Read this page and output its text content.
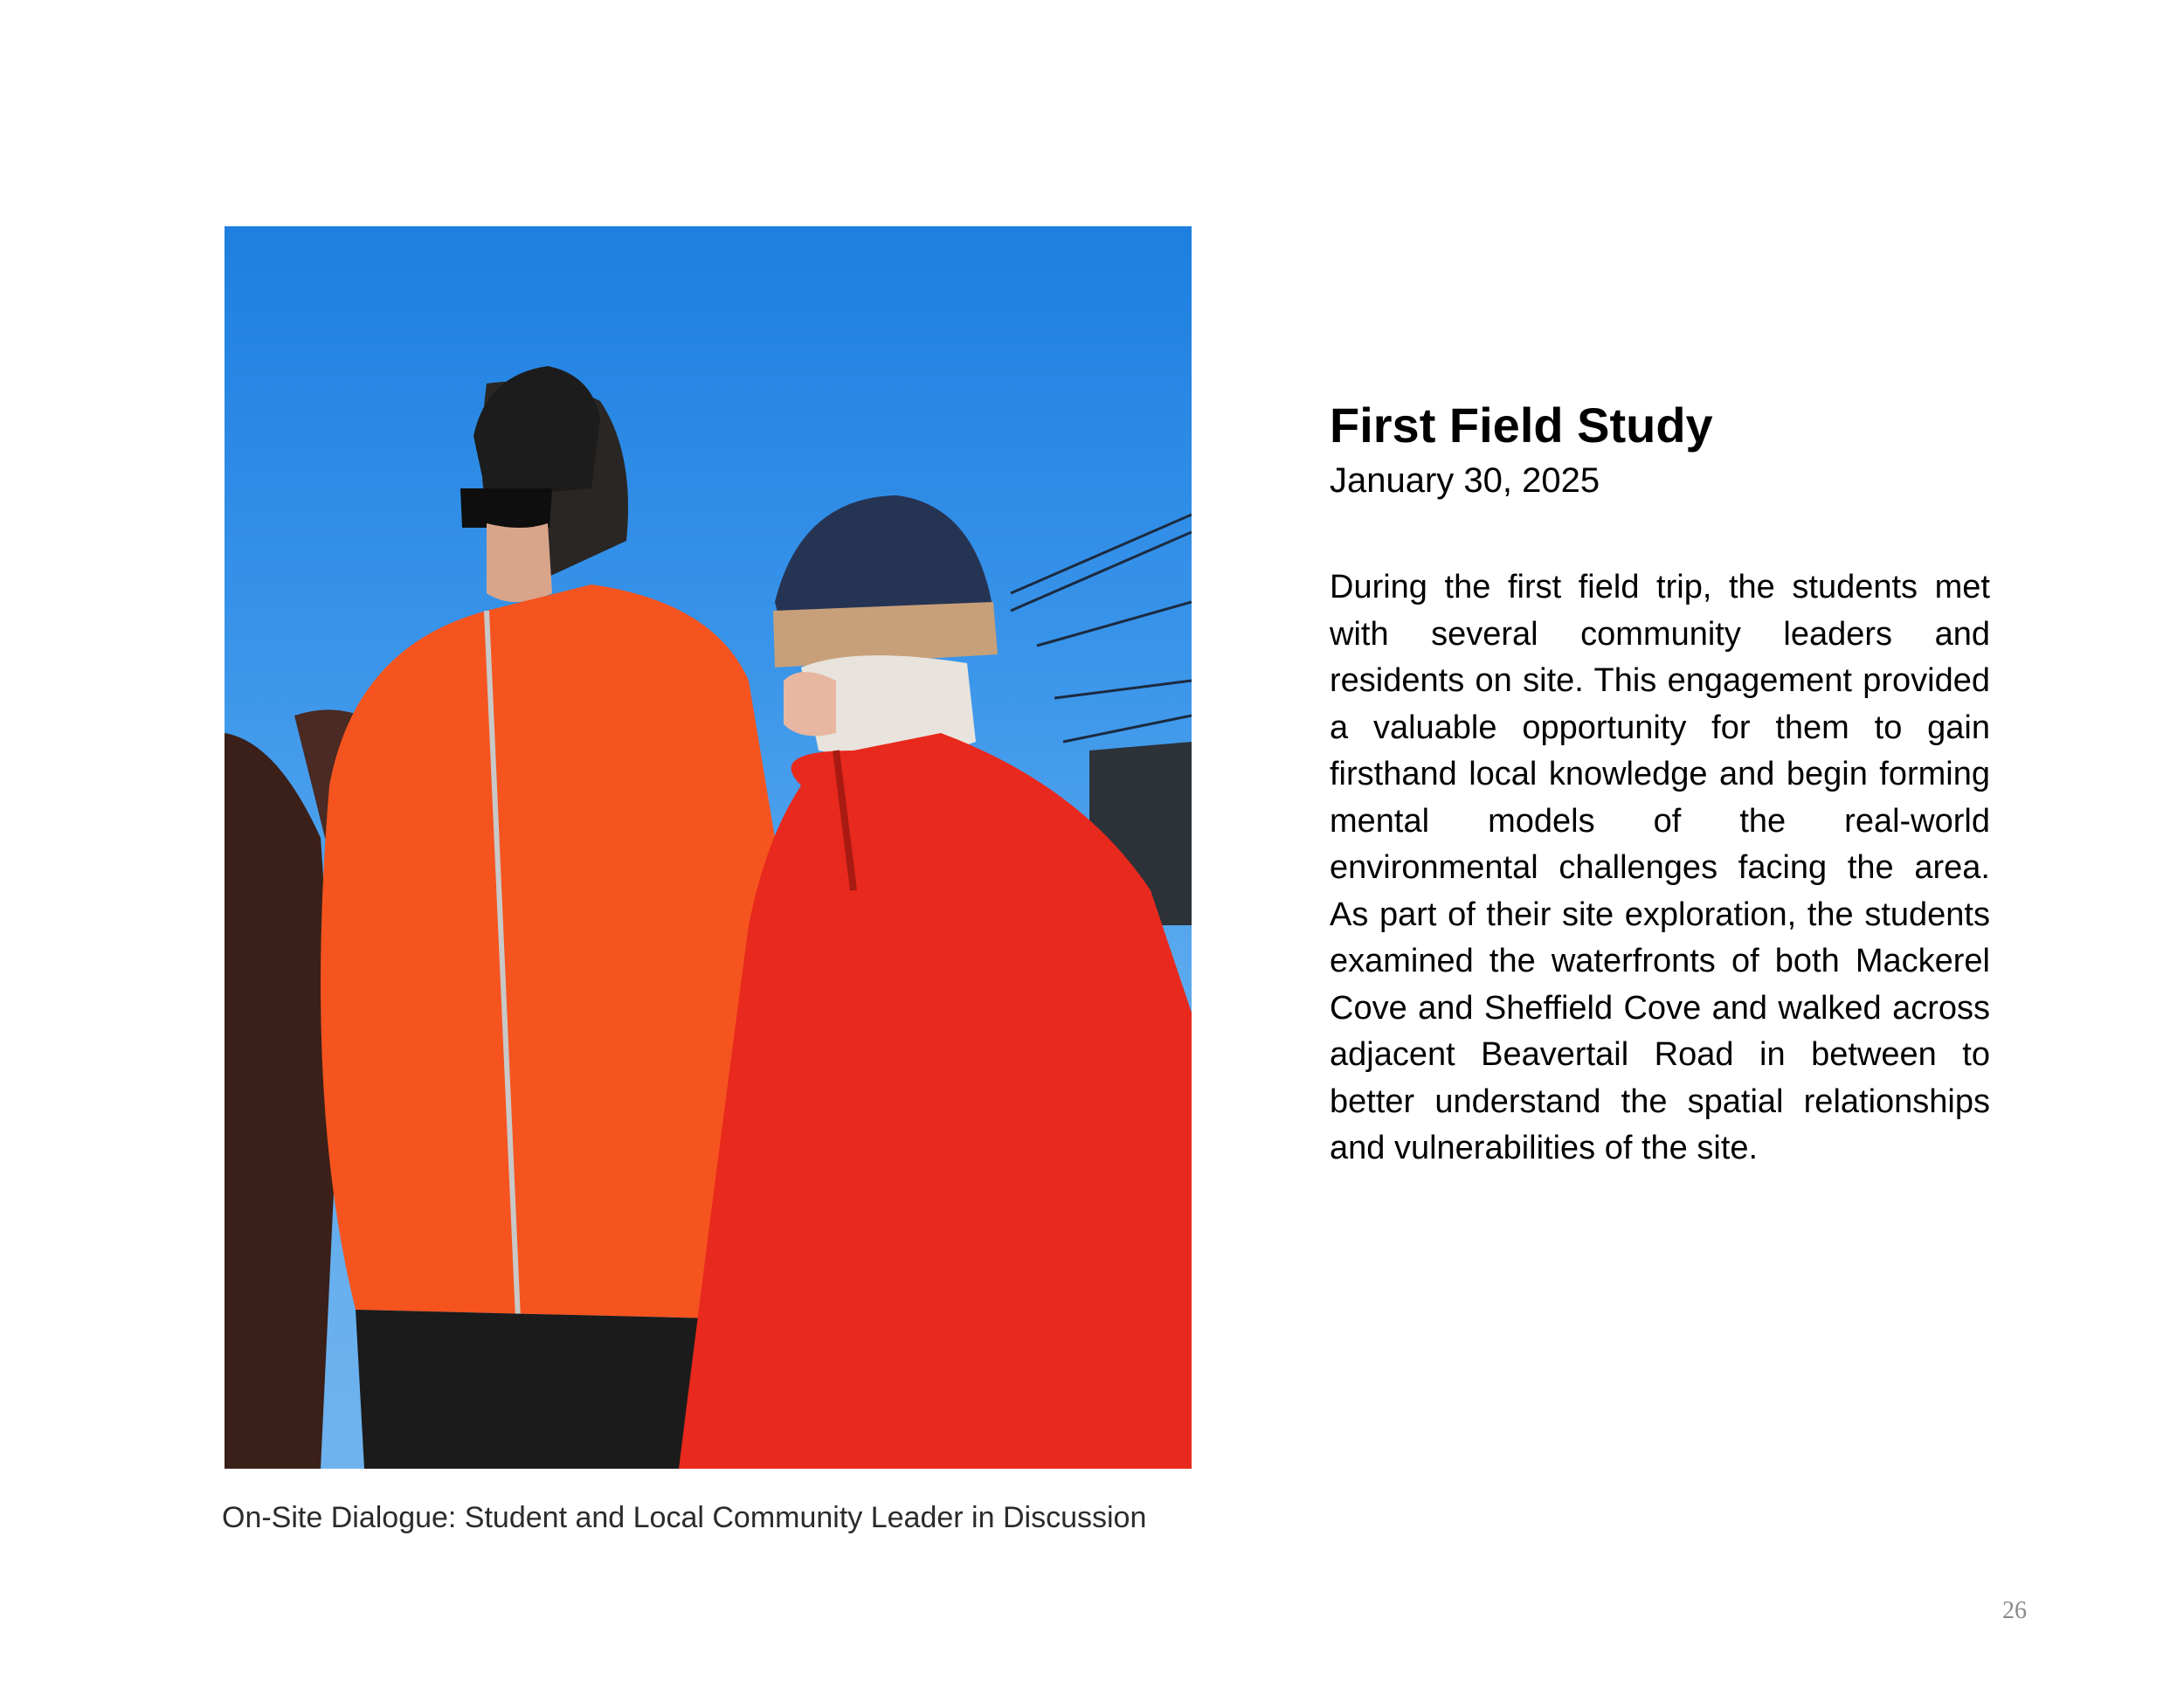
On-Site Dialogue: Student and Local Community Leader in Discussion
First Field Study
January 30, 2025
During the first field trip, the students met with several community leaders and residents on site. This engagement provided a valuable opportunity for them to gain firsthand local knowledge and begin forming mental models of the real-world environmental challenges facing the area. As part of their site exploration, the students examined the waterfronts of both Mackerel Cove and Sheffield Cove and walked across adjacent Beavertail Road in between to better understand the spatial relationships and vulnerabilities of the site.
26
